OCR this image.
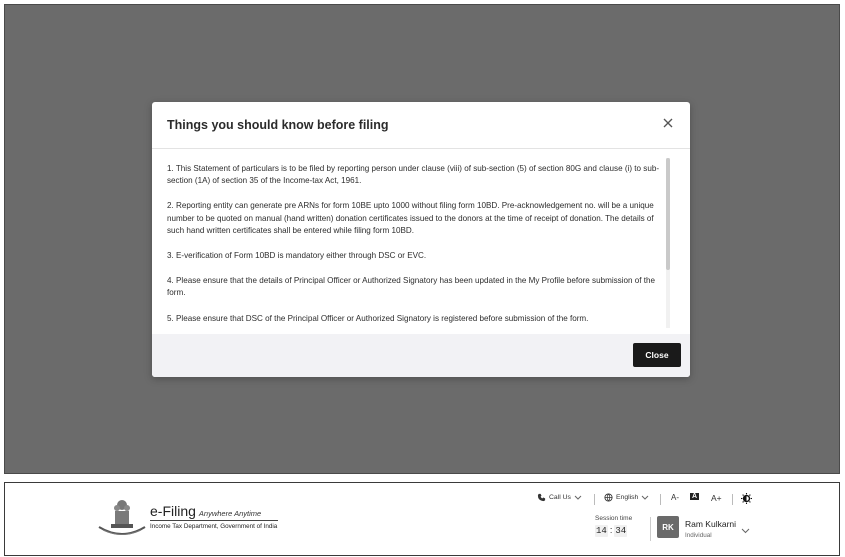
Things you should know before filing

1. This Statement of particulars is to be filed by reporting person under clause (viii) of sub-section (5) of section 80G and clause (i) to sub-section (1A) of section 35 of the Income-tax Act, 1961.

2. Reporting entity can generate pre ARNs for form 10BE upto 1000 without filing form 10BD. Pre-acknowledgement no. will be a unique number to be quoted on manual (hand written) donation certificates issued to the donors at the time of receipt of donation. The details of such hand written certificates shall be entered while filing form 10BD.

3. E-verification of Form 10BD is mandatory either through DSC or EVC.

4. Please ensure that the details of Principal Officer or Authorized Signatory has been updated in the My Profile before submission of the form.

5. Please ensure that DSC of the Principal Officer or Authorized Signatory is registered before submission of the form.

Close
e-Filing Anywhere Anytime
Income Tax Department, Government of India
Call Us	English	A- A A+
Session time
14 : 34	RK	Ram Kulkarni
Individual
